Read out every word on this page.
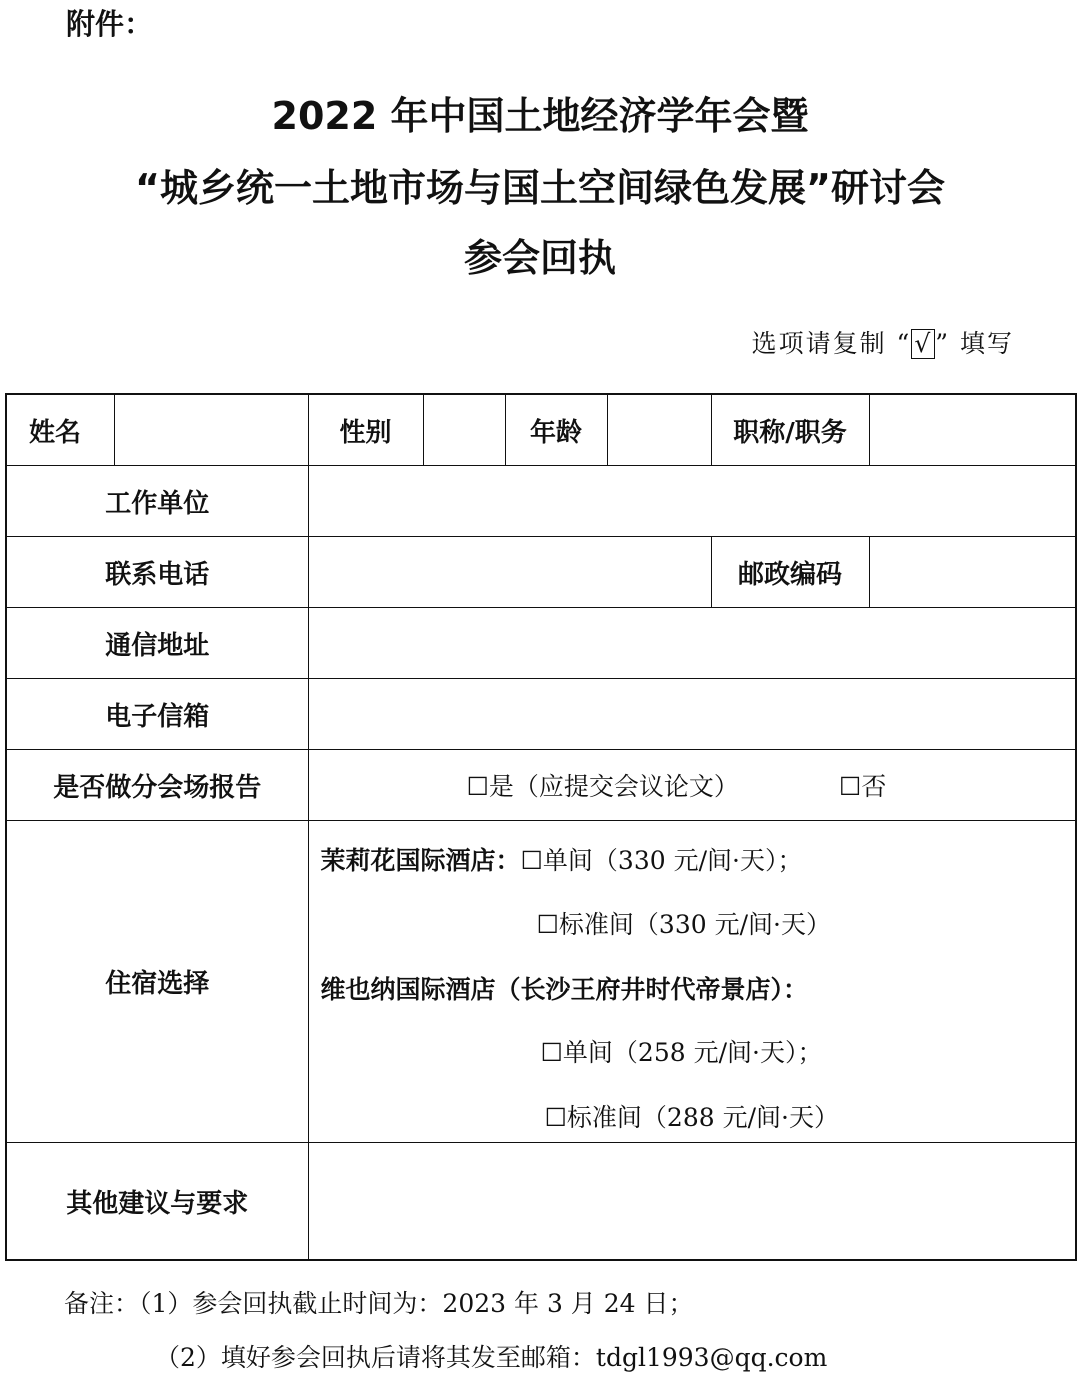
附件：
2022 年中国土地经济学年会暨
“城乡统一土地市场与国土空间绿色发展”研讨会
参会回执
选项请复制 “ √ ” 填写
姓名		性别		年龄		职称/职务	
工作单位							
联系电话						邮政编码	
通信地址							
电子信箱							
是否做分会场报告		☐是（应提交会议论文） ☐否					
住宿选择		茉莉花国际酒店：☐单间（330 元/间·天）；
☐标准间（330 元/间·天）
维也纳国际酒店（长沙王府井时代帝景店）：
☐单间（258 元/间·天）；
☐标准间（288 元/间·天）					

其他建议与要求							
备注：（1）参会回执截止时间为：2023 年 3 月 24 日；
（2）填好参会回执后请将其发至邮箱：tdgl1993@qq.com
